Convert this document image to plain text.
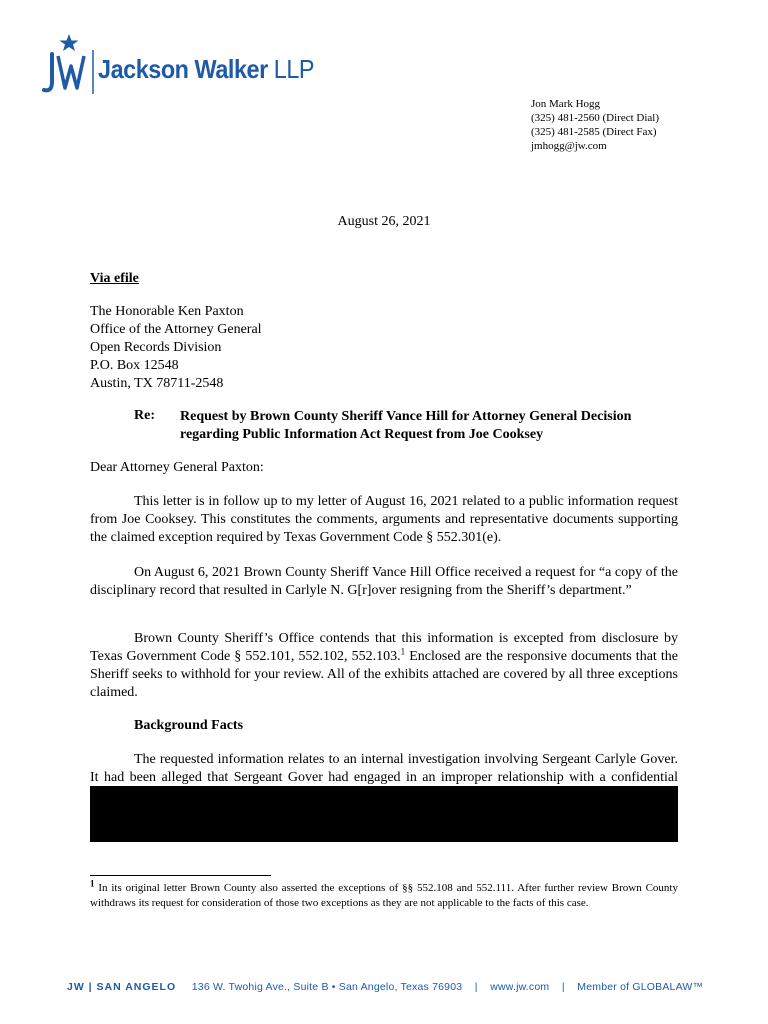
Jackson Walker LLP
Jon Mark Hogg
(325) 481-2560 (Direct Dial)
(325) 481-2585 (Direct Fax)
jmhogg@jw.com
August 26, 2021
Via efile
The Honorable Ken Paxton
Office of the Attorney General
Open Records Division
P.O. Box 12548
Austin, TX 78711-2548
Re: Request by Brown County Sheriff Vance Hill for Attorney General Decision regarding Public Information Act Request from Joe Cooksey
Dear Attorney General Paxton:
This letter is in follow up to my letter of August 16, 2021 related to a public information request from Joe Cooksey. This constitutes the comments, arguments and representative documents supporting the claimed exception required by Texas Government Code § 552.301(e).
On August 6, 2021 Brown County Sheriff Vance Hill Office received a request for “a copy of the disciplinary record that resulted in Carlyle N. G[r]over resigning from the Sheriff’s department.”
Brown County Sheriff’s Office contends that this information is excepted from disclosure by Texas Government Code § 552.101, 552.102, 552.103.$^1$ Enclosed are the responsive documents that the Sheriff seeks to withhold for your review. All of the exhibits attached are covered by all three exceptions claimed.
Background Facts
The requested information relates to an internal investigation involving Sergeant Carlyle Gover. It had been alleged that Sergeant Gover had engaged in an improper relationship with a confidential
$^1$ In its original letter Brown County also asserted the exceptions of §§ 552.108 and 552.111. After further review Brown County withdraws its request for consideration of those two exceptions as they are not applicable to the facts of this case.
JW | SAN ANGELO 136 W. Twohig Ave., Suite B • San Angelo, Texas 76903 | www.jw.com | Member of GLOBALAW™
